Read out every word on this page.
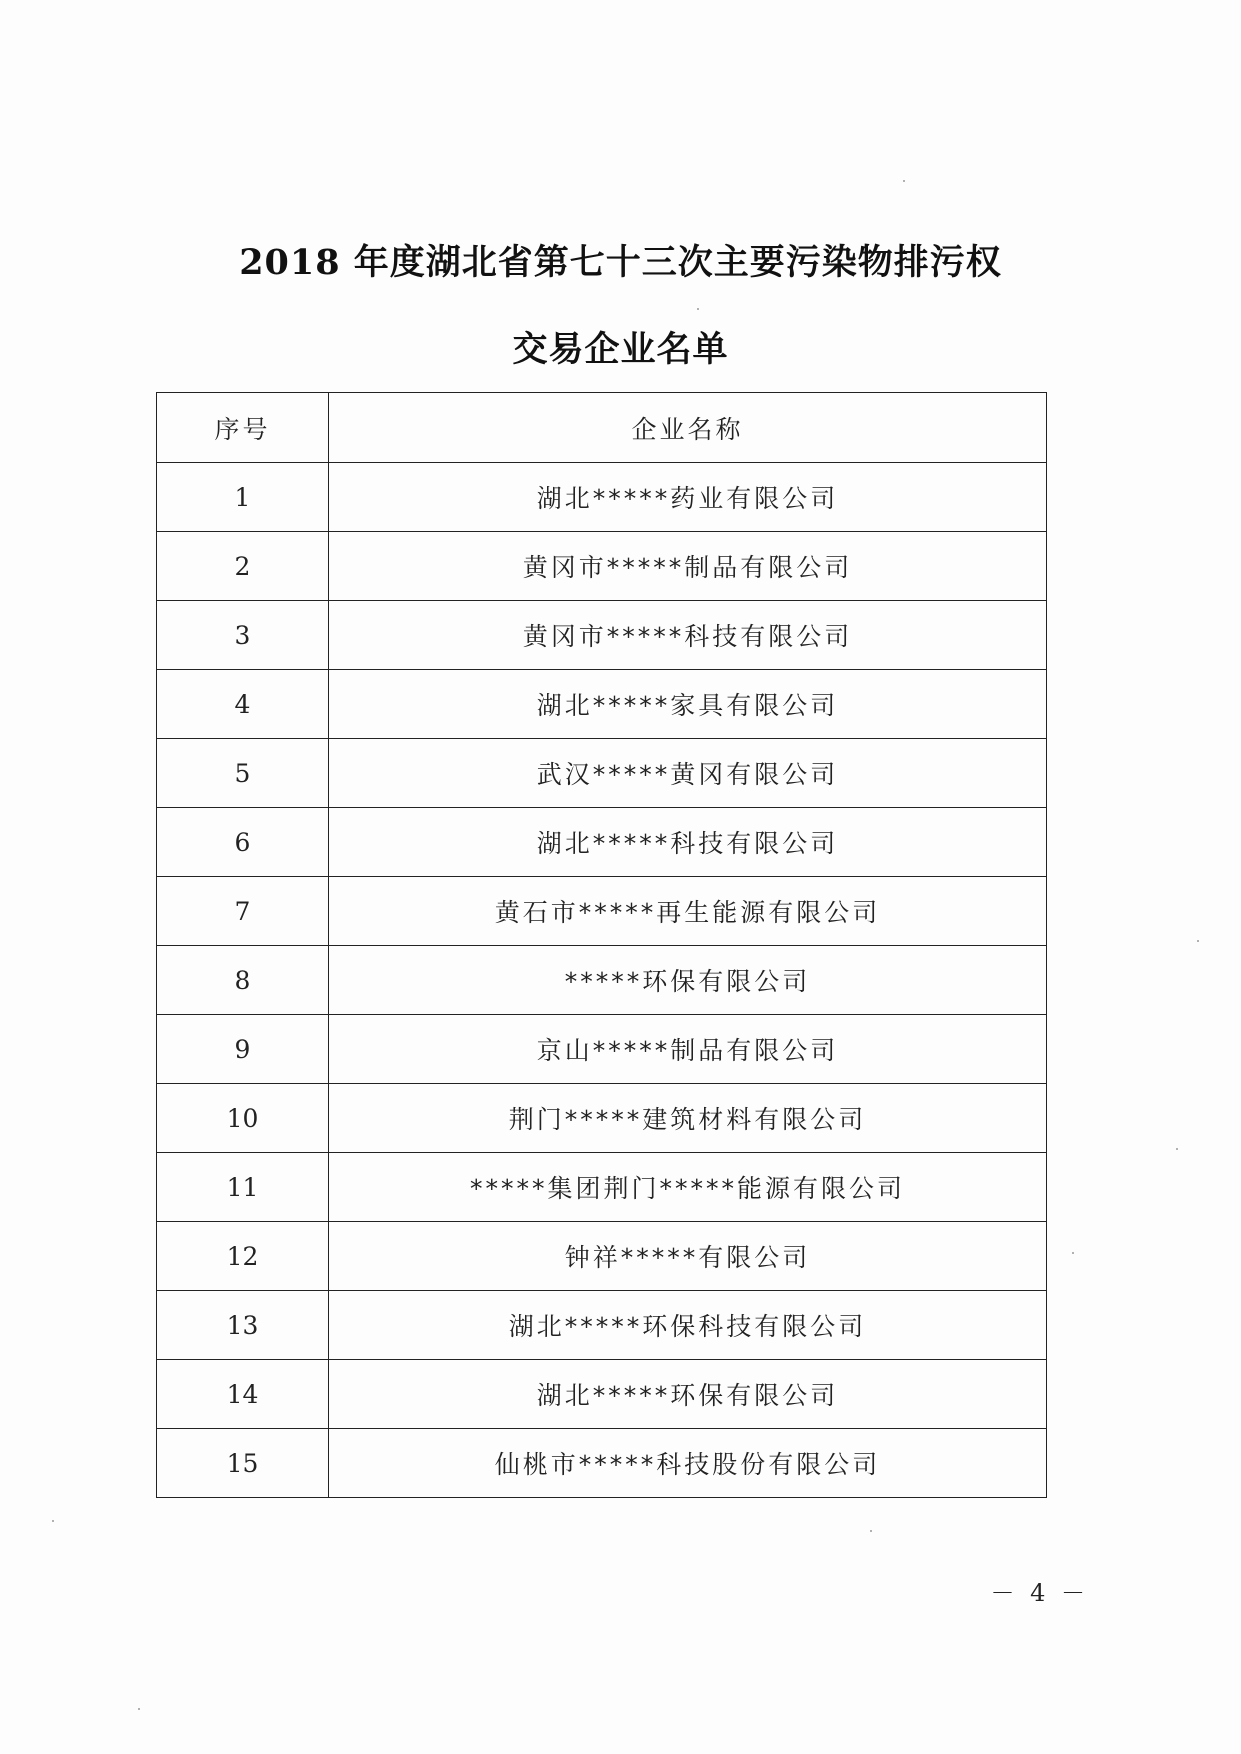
2018 年度湖北省第七十三次主要污染物排污权
交易企业名单
序号	企业名称
1	湖北*****药业有限公司
2	黄冈市*****制品有限公司
3	黄冈市*****科技有限公司
4	湖北*****家具有限公司
5	武汉*****黄冈有限公司
6	湖北*****科技有限公司
7	黄石市*****再生能源有限公司
8	*****环保有限公司
9	京山*****制品有限公司
10	荆门*****建筑材料有限公司
11	*****集团荆门*****能源有限公司
12	钟祥*****有限公司
13	湖北*****环保科技有限公司
14	湖北*****环保有限公司
15	仙桃市*****科技股份有限公司
－ 4 －
